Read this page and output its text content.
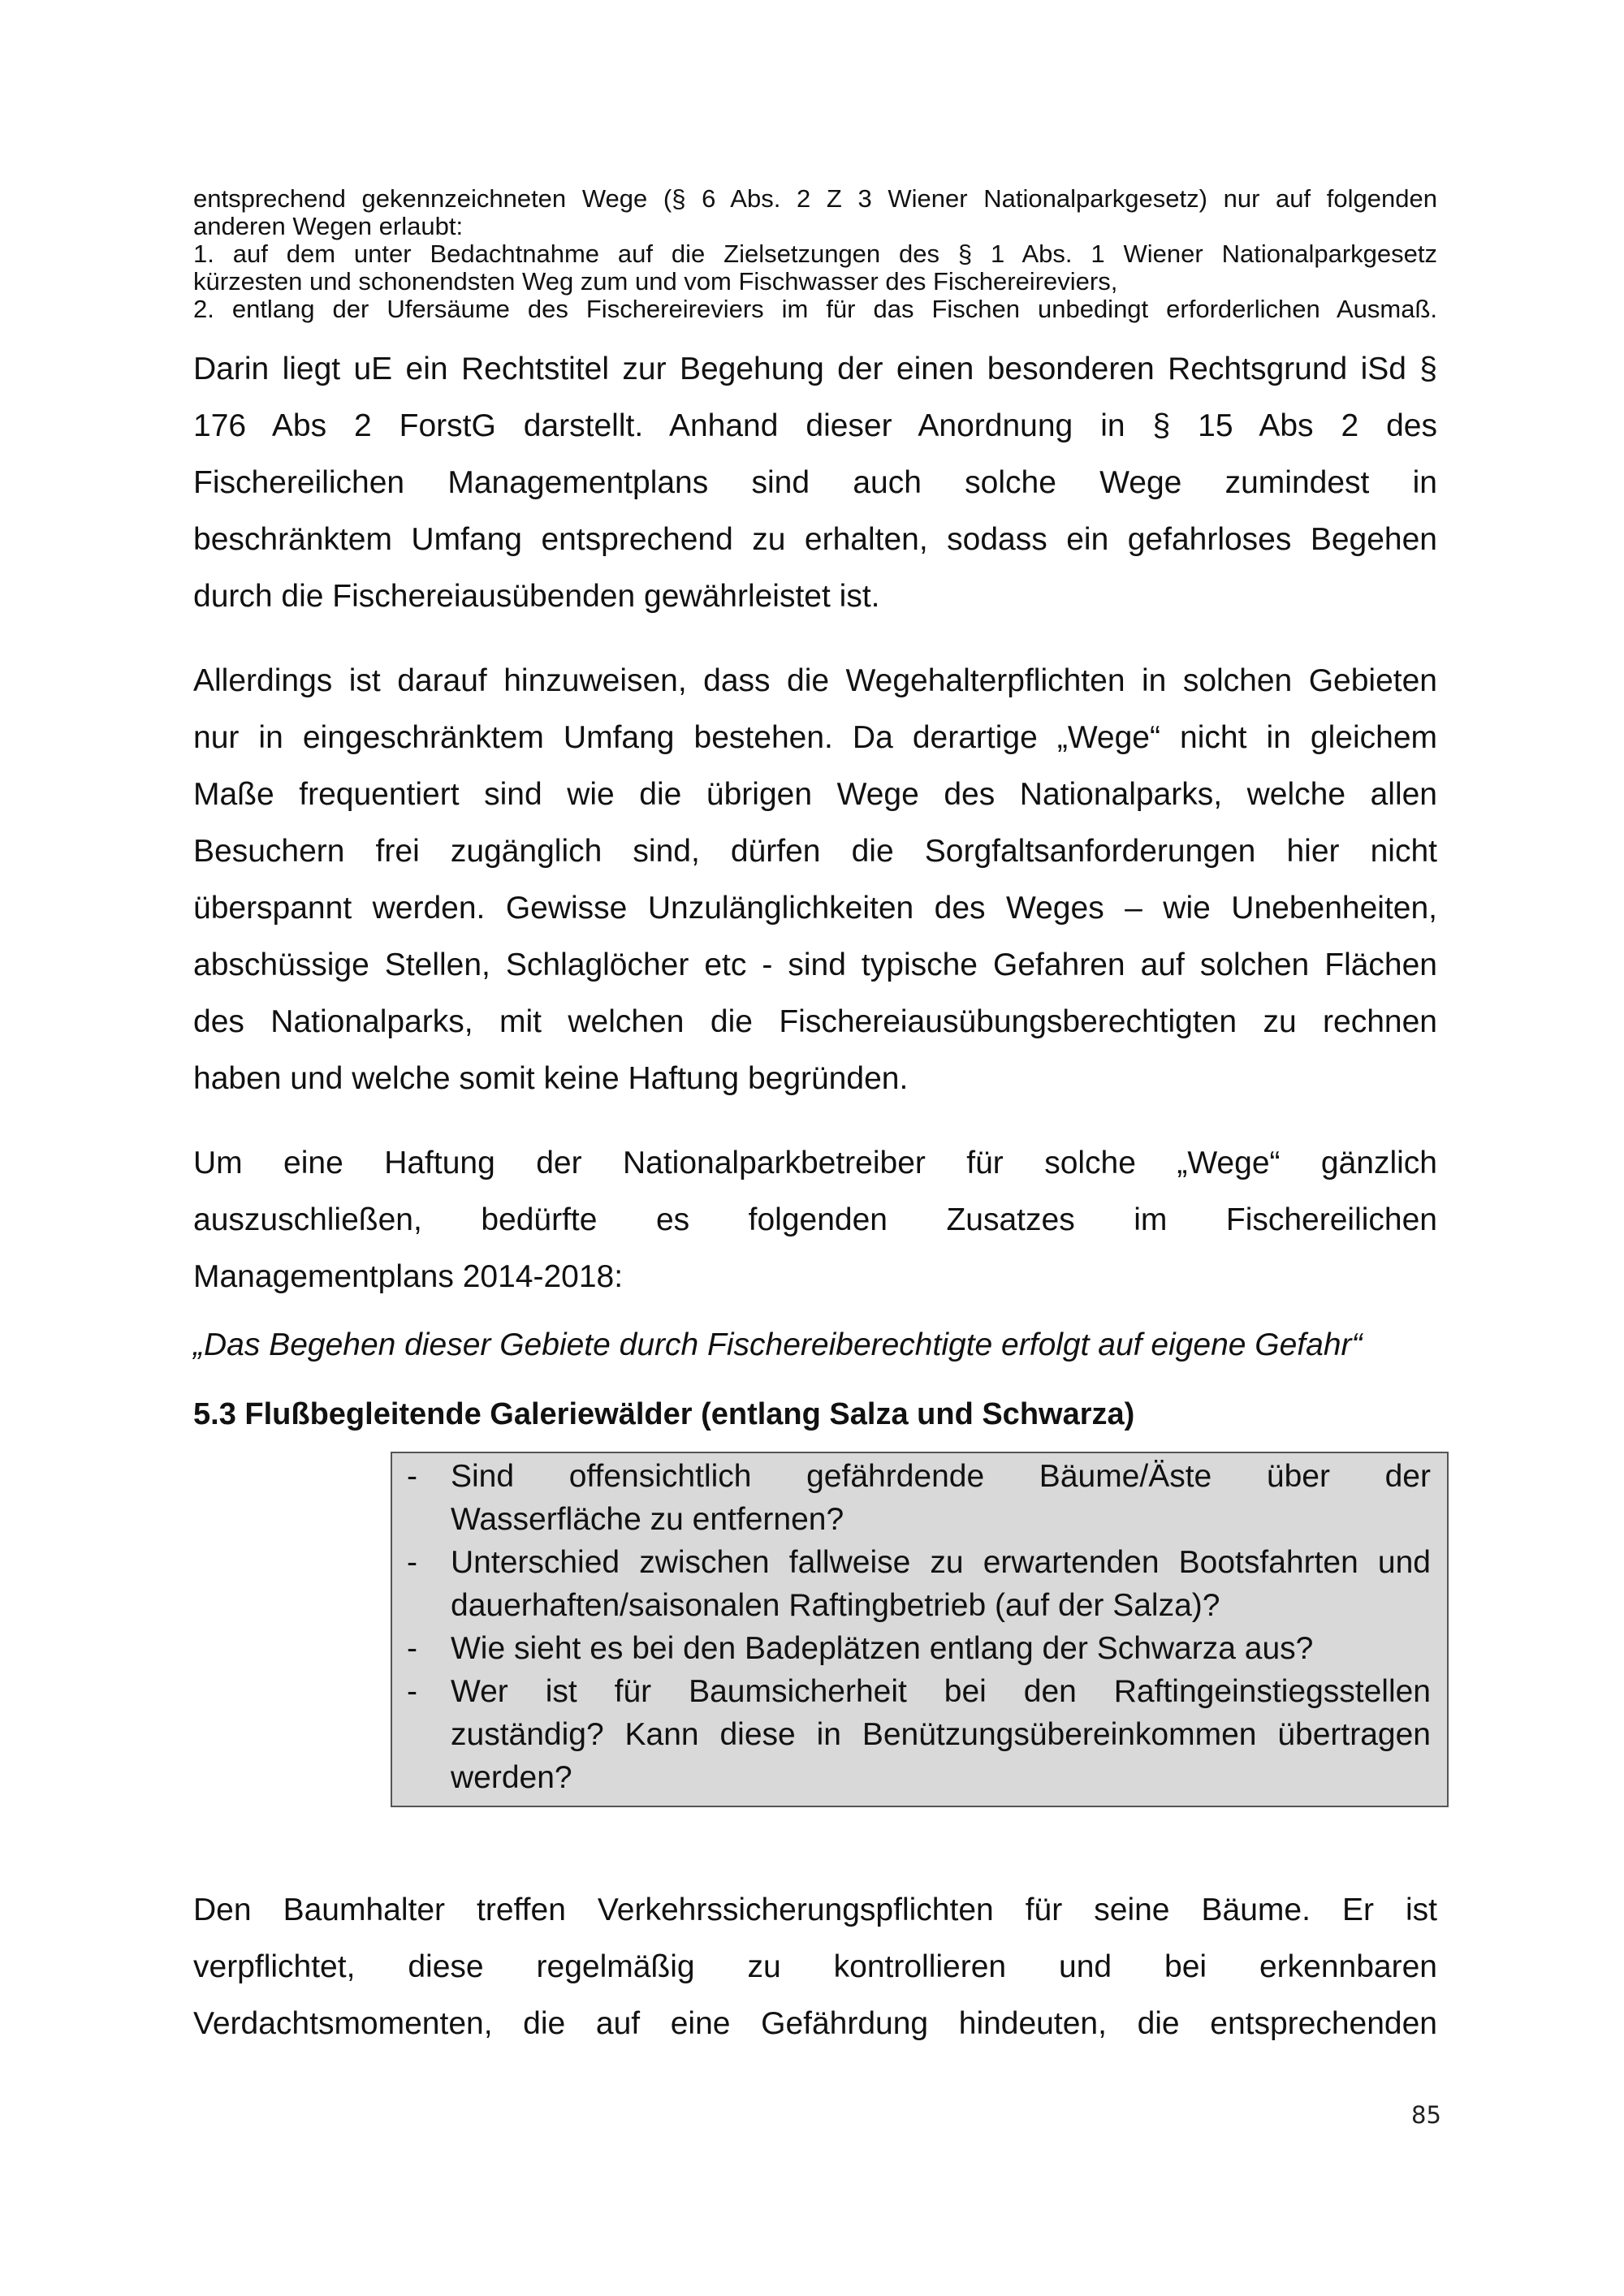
entsprechend gekennzeichneten Wege (§ 6 Abs. 2 Z 3 Wiener Nationalparkgesetz) nur auf folgenden

anderen Wegen erlaubt:

1. auf dem unter Bedachtnahme auf die Zielsetzungen des § 1 Abs. 1 Wiener Nationalparkgesetz

kürzesten und schonendsten Weg zum und vom Fischwasser des Fischereireviers,

2. entlang der Ufersäume des Fischereireviers im für das Fischen unbedingt erforderlichen Ausmaß.

Darin liegt uE ein Rechtstitel zur Begehung der einen besonderen Rechtsgrund iSd §

176 Abs 2 ForstG darstellt. Anhand dieser Anordnung in § 15 Abs 2 des

Fischereilichen Managementplans sind auch solche Wege zumindest in

beschränktem Umfang entsprechend zu erhalten, sodass ein gefahrloses Begehen

durch die Fischereiausübenden gewährleistet ist.

Allerdings ist darauf hinzuweisen, dass die Wegehalterpflichten in solchen Gebieten

nur in eingeschränktem Umfang bestehen. Da derartige „Wege“ nicht in gleichem

Maße frequentiert sind wie die übrigen Wege des Nationalparks, welche allen

Besuchern frei zugänglich sind, dürfen die Sorgfaltsanforderungen hier nicht

überspannt werden. Gewisse Unzulänglichkeiten des Weges – wie Unebenheiten,

abschüssige Stellen, Schlaglöcher etc - sind typische Gefahren auf solchen Flächen

des Nationalparks, mit welchen die Fischereiausübungsberechtigten zu rechnen

haben und welche somit keine Haftung begründen.

Um eine Haftung der Nationalparkbetreiber für solche „Wege“ gänzlich

auszuschließen, bedürfte es folgenden Zusatzes im Fischereilichen

Managementplans 2014-2018:

„Das Begehen dieser Gebiete durch Fischereiberechtigte erfolgt auf eigene Gefahr“

5.3 Flußbegleitende Galeriewälder (entlang Salza und Schwarza)
-	Sind offensichtlich gefährdende Bäume/Äste über der
Wasserfläche zu entfernen?
-	Unterschied zwischen fallweise zu erwartenden Bootsfahrten und
dauerhaften/saisonalen Raftingbetrieb (auf der Salza)?
-	Wie sieht es bei den Badeplätzen entlang der Schwarza aus?
-	Wer ist für Baumsicherheit bei den Raftingeinstiegsstellen
zuständig? Kann diese in Benützungsübereinkommen übertragen
werden?

Den Baumhalter treffen Verkehrssicherungspflichten für seine Bäume. Er ist

verpflichtet, diese regelmäßig zu kontrollieren und bei erkennbaren

Verdachtsmomenten, die auf eine Gefährdung hindeuten, die entsprechenden

85
